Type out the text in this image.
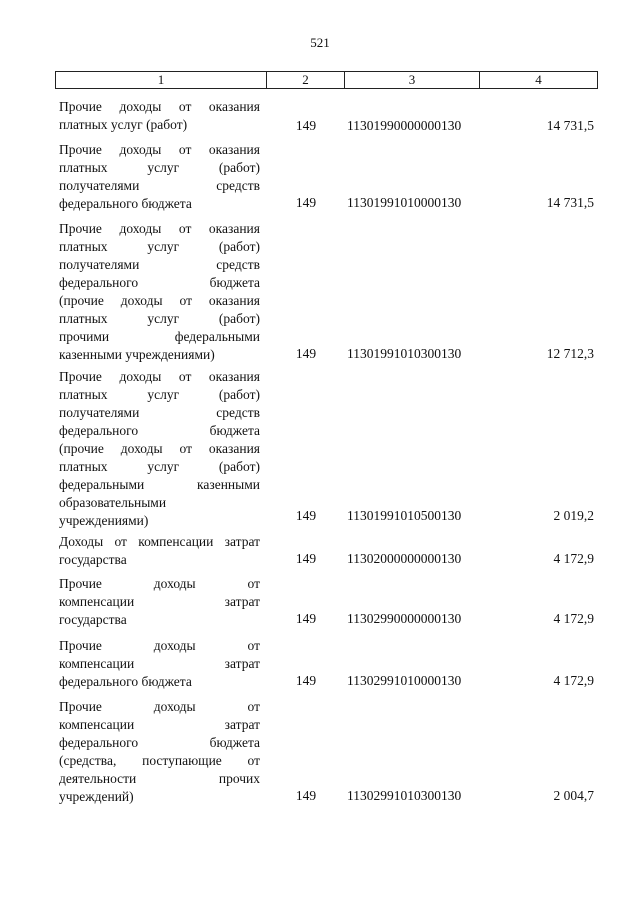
521
1	2	3	4
Прочие доходы от оказания
платных услуг (работ)	149 11301990000000130	14 731,5
Прочие доходы от оказания
платных услуг (работ)
получателями средств
федерального бюджета	149 11301991010000130	14 731,5
Прочие доходы от оказания
платных услуг (работ)
получателями средств
федерального бюджета
(прочие доходы от оказания
платных услуг (работ)
прочими федеральными
казенными учреждениями)	149 11301991010300130	12 712,3
Прочие доходы от оказания
платных услуг (работ)
получателями средств
федерального бюджета
(прочие доходы от оказания
платных услуг (работ)
федеральными казенными
образовательными
учреждениями)	149 11301991010500130	2 019,2
Доходы от компенсации затрат
государства	149 11302000000000130	4 172,9
Прочие доходы от
компенсации затрат
государства	149 11302990000000130	4 172,9
Прочие доходы от
компенсации затрат
федерального бюджета	149 11302991010000130	4 172,9
Прочие доходы от
компенсации затрат
федерального бюджета
(средства, поступающие от
деятельности прочих
учреждений)	149 11302991010300130	2 004,7
